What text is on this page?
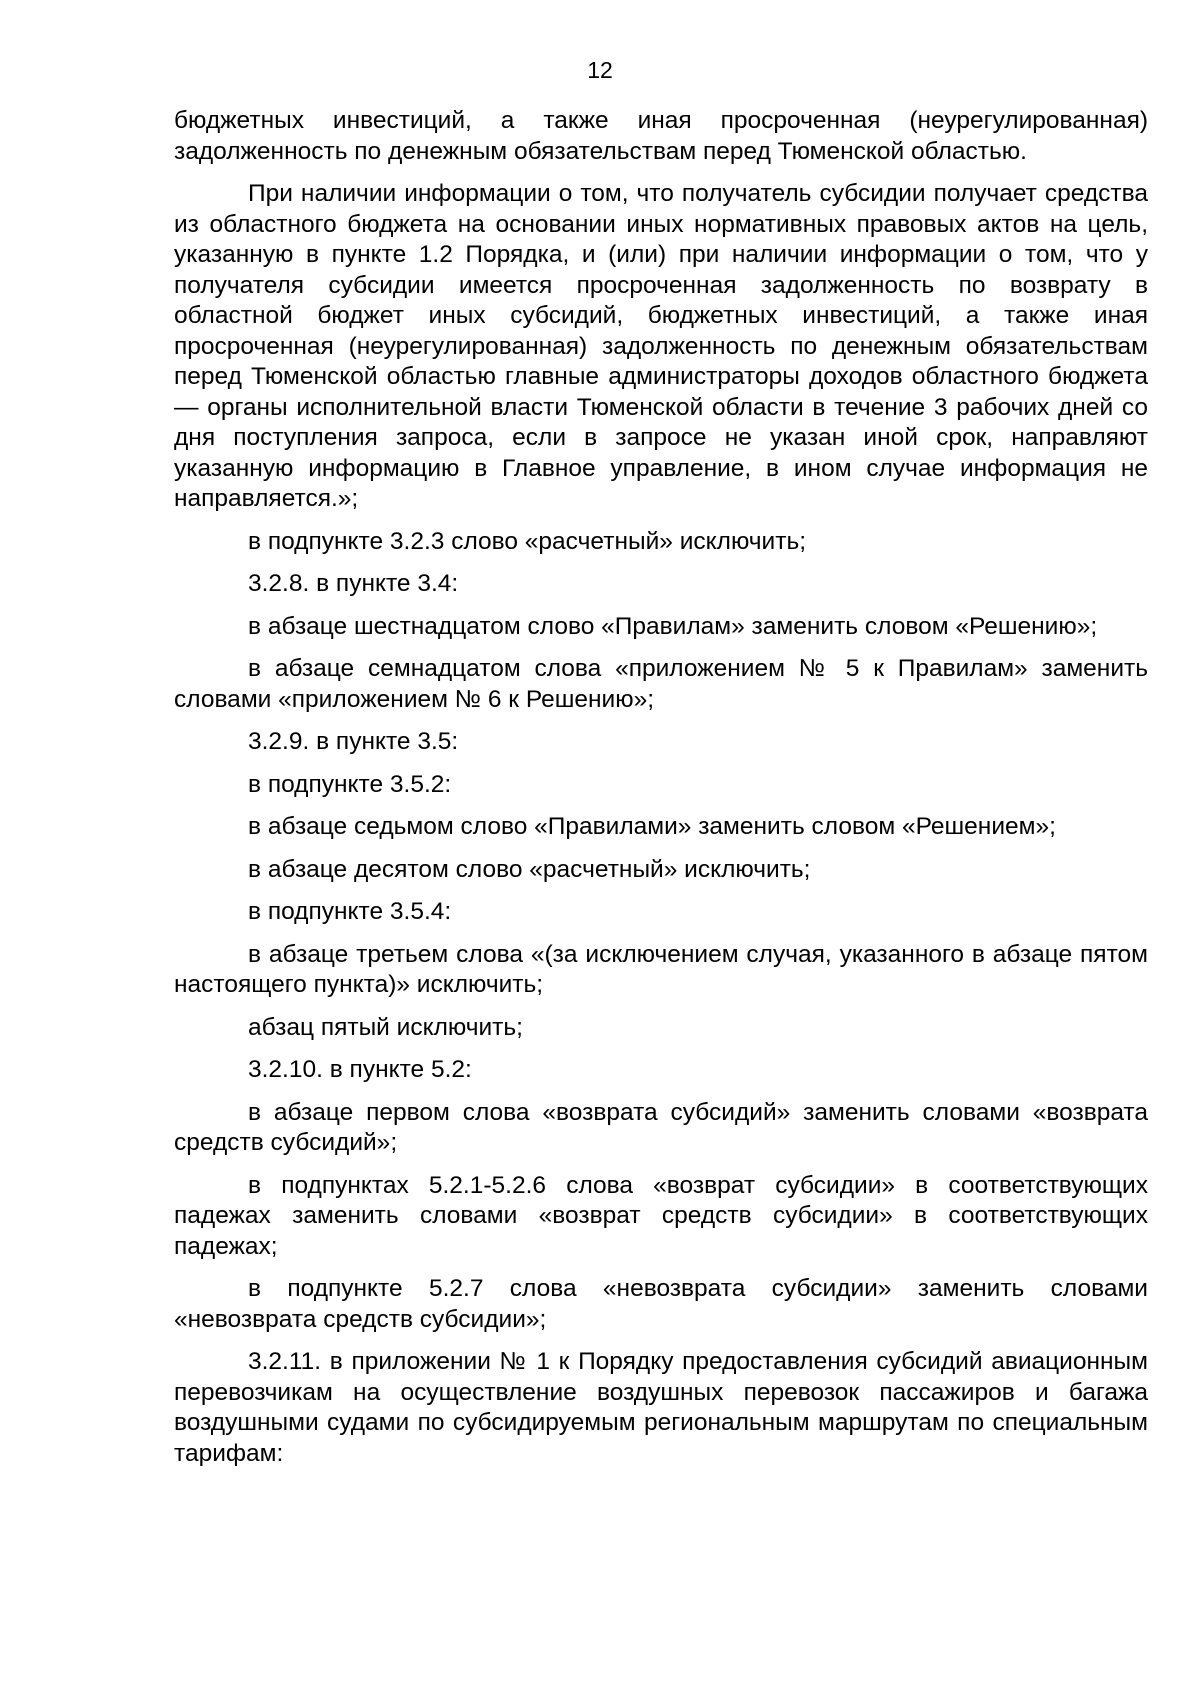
12

бюджетных инвестиций, а также иная просроченная (неурегулированная) задолженность по денежным обязательствам перед Тюменской областью.

При наличии информации о том, что получатель субсидии получает средства из областного бюджета на основании иных нормативных правовых актов на цель, указанную в пункте 1.2 Порядка, и (или) при наличии информации о том, что у получателя субсидии имеется просроченная задолженность по возврату в областной бюджет иных субсидий, бюджетных инвестиций, а также иная просроченная (неурегулированная) задолженность по денежным обязательствам перед Тюменской областью главные администраторы доходов областного бюджета — органы исполнительной власти Тюменской области в течение 3 рабочих дней со дня поступления запроса, если в запросе не указан иной срок, направляют указанную информацию в Главное управление, в ином случае информация не направляется.»;

в подпункте 3.2.3 слово «расчетный» исключить;

3.2.8. в пункте 3.4:

в абзаце шестнадцатом слово «Правилам» заменить словом «Решению»;

в абзаце семнадцатом слова «приложением № 5 к Правилам» заменить словами «приложением № 6 к Решению»;

3.2.9. в пункте 3.5:

в подпункте 3.5.2:

в абзаце седьмом слово «Правилами» заменить словом «Решением»;

в абзаце десятом слово «расчетный» исключить;

в подпункте 3.5.4:

в абзаце третьем слова «(за исключением случая, указанного в абзаце пятом настоящего пункта)» исключить;

абзац пятый исключить;

3.2.10. в пункте 5.2:

в абзаце первом слова «возврата субсидий» заменить словами «возврата средств субсидий»;

в подпунктах 5.2.1-5.2.6 слова «возврат субсидии» в соответствующих падежах заменить словами «возврат средств субсидии» в соответствующих падежах;

в подпункте 5.2.7 слова «невозврата субсидии» заменить словами «невозврата средств субсидии»;

3.2.11. в приложении № 1 к Порядку предоставления субсидий авиационным перевозчикам на осуществление воздушных перевозок пассажиров и багажа воздушными судами по субсидируемым региональным маршрутам по специальным тарифам:
